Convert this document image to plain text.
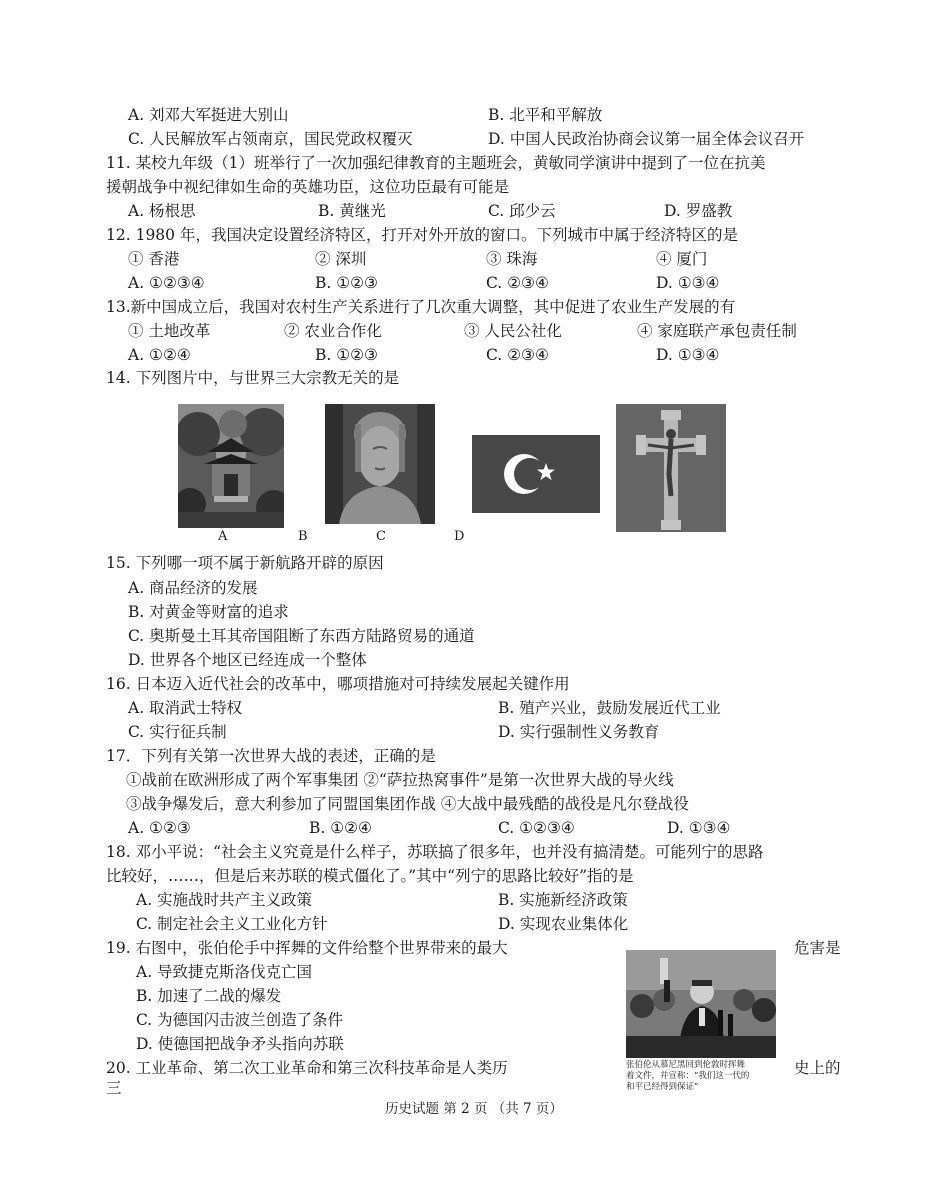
A. 刘邓大军挺进大别山	B. 北平和平解放
C. 人民解放军占领南京，国民党政权覆灭	D. 中国人民政治协商会议第一届全体会议召开
11. 某校九年级（1）班举行了一次加强纪律教育的主题班会，黄敏同学演讲中提到了一位在抗美
援朝战争中视纪律如生命的英雄功臣，这位功臣最有可能是
A. 杨根思	B. 黄继光	C. 邱少云	D. 罗盛教
12. 1980 年，我国决定设置经济特区，打开对外开放的窗口。下列城市中属于经济特区的是
① 香港	② 深圳	③ 珠海	④ 厦门
A. ①②③④	B. ①②③	C. ②③④	D. ①③④
13.新中国成立后，我国对农村生产关系进行了几次重大调整，其中促进了农业生产发展的有
① 土地改革	② 农业合作化	③ 人民公社化	④ 家庭联产承包责任制
A. ①②④	B. ①②③	C. ②③④	D. ①③④
14. 下列图片中，与世界三大宗教无关的是
A	B	C	D
15. 下列哪一项不属于新航路开辟的原因
A. 商品经济的发展
B. 对黄金等财富的追求
C. 奥斯曼土耳其帝国阻断了东西方陆路贸易的通道
D. 世界各个地区已经连成一个整体
16. 日本迈入近代社会的改革中，哪项措施对可持续发展起关键作用
A. 取消武士特权	B. 殖产兴业，鼓励发展近代工业
C. 实行征兵制	D. 实行强制性义务教育
17．下列有关第一次世界大战的表述，正确的是
①战前在欧洲形成了两个军事集团 ②“萨拉热窝事件”是第一次世界大战的导火线
③战争爆发后，意大利参加了同盟国集团作战 ④大战中最残酷的战役是凡尔登战役
A. ①②③	B. ①②④	C. ①②③④	D. ①③④
18. 邓小平说：“社会主义究竟是什么样子，苏联搞了很多年，也并没有搞清楚。可能列宁的思路
比较好，……，但是后来苏联的模式僵化了。”其中“列宁的思路比较好”指的是
A. 实施战时共产主义政策	B. 实施新经济政策
C. 制定社会主义工业化方针	D. 实现农业集体化
19. 右图中，张伯伦手中挥舞的文件给整个世界带来的最大	危害是
A. 导致捷克斯洛伐克亡国
B. 加速了二战的爆发
C. 为德国闪击波兰创造了条件
D. 使德国把战争矛头指向苏联
张伯伦从慕尼黑回到伦敦时挥舞
着文件，并宣称：“我们这一代的
和平已经得到保证”
20. 工业革命、第二次工业革命和第三次科技革命是人类历	史上的
三
历史试题 第 2 页 （共 7 页）
